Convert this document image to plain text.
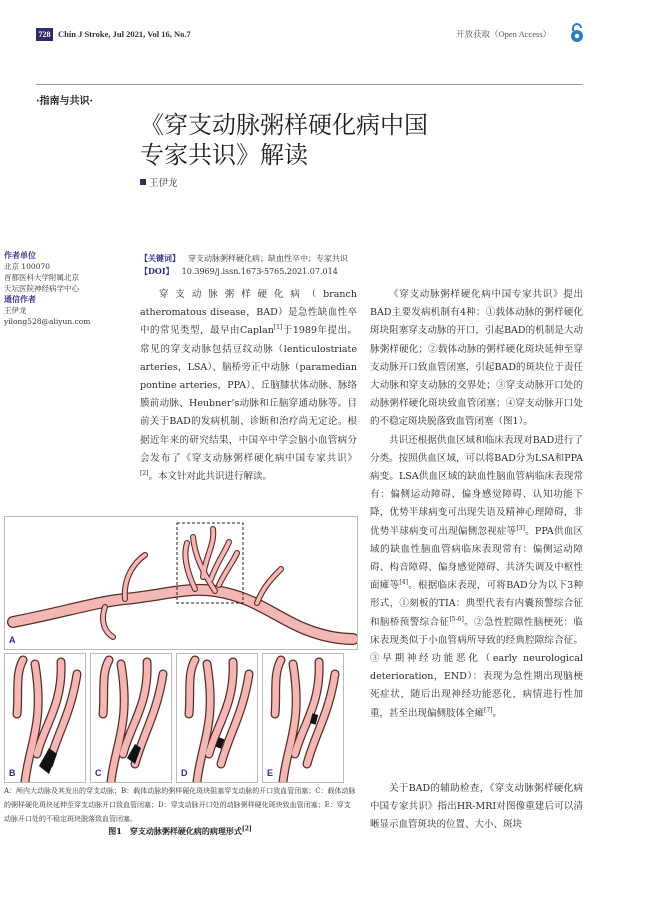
728 Chin J Stroke, Jul 2021, Vol 16, No.7	开放获取（Open Access）
·指南与共识·
《穿支动脉粥样硬化病中国
专家共识》解读
王伊龙
作者单位
北京 100070
首都医科大学附属北京
天坛医院神经病学中心
通信作者
王伊龙
yilong528@aliyun.com
【关键词】 穿支动脉粥样硬化病；缺血性卒中；专家共识
【DOI】 10.3969/j.issn.1673-5765.2021.07.014

穿支动脉粥样硬化病（branch atheromatous disease，BAD）是急性缺血性卒中的常见类型，最早由Caplan[1]于1989年提出。常见的穿支动脉包括豆纹动脉（lenticulostriate arteries，LSA）、脑桥旁正中动脉（paramedian pontine arteries，PPA）、丘脑膝状体动脉、脉络膜前动脉、Heubner’s动脉和丘脑穿通动脉等。目前关于BAD的发病机制、诊断和治疗尚无定论。根据近年来的研究结果，中国卒中学会脑小血管病分会发布了《穿支动脉粥样硬化病中国专家共识》[2]。本文针对此共识进行解读。

《穿支动脉粥样硬化病中国专家共识》提出BAD主要发病机制有4种：①载体动脉的粥样硬化斑块阻塞穿支动脉的开口，引起BAD的机制是大动脉粥样硬化；②载体动脉的粥样硬化斑块延伸至穿支动脉开口致血管闭塞，引起BAD的斑块位于责任大动脉和穿支动脉的交界处；③穿支动脉开口处的动脉粥样硬化斑块致血管闭塞；④穿支动脉开口处的不稳定斑块脱落致血管闭塞（图1）。

共识还根据供血区域和临床表现对BAD进行了分类。按照供血区域，可以将BAD分为LSA和PPA病变。LSA供血区域的缺血性脑血管病临床表现常有：偏侧运动障碍、偏身感觉障碍、认知功能下降，优势半球病变可出现失语及精神心理障碍，非优势半球病变可出现偏侧忽视症等[3]。PPA供血区域的缺血性脑血管病临床表现常有：偏侧运动障碍、构音障碍、偏身感觉障碍、共济失调及中枢性面瘫等[4]。根据临床表现，可将BAD分为以下3种形式，①刻板的TIA：典型代表有内囊预警综合征和脑桥预警综合征[5-6]。②急性腔隙性脑梗死：临床表现类似于小血管病所导致的经典腔隙综合征。③早期神经功能恶化（early neurological deterioration，END）：表现为急性期出现脑梗死症状，随后出现神经功能恶化，病情进行性加重，甚至出现偏侧肢体全瘫[7]。

关于BAD的辅助检查，《穿支动脉粥样硬化病中国专家共识》指出HR-MRI对图像重建后可以清晰显示血管斑块的位置、大小、斑块

A
B	C	D	E
A：颅内大动脉及其发出的穿支动脉；B：载体动脉的粥样硬化斑块阻塞穿支动脉的开口致血管闭塞；C：载体动脉的粥样硬化斑块延伸至穿支动脉开口致血管闭塞；D：穿支动脉开口处的动脉粥样硬化斑块致血管闭塞；E：穿支动脉开口处的不稳定斑块脱落致血管闭塞。
图1　穿支动脉粥样硬化病的病理形式[2]
